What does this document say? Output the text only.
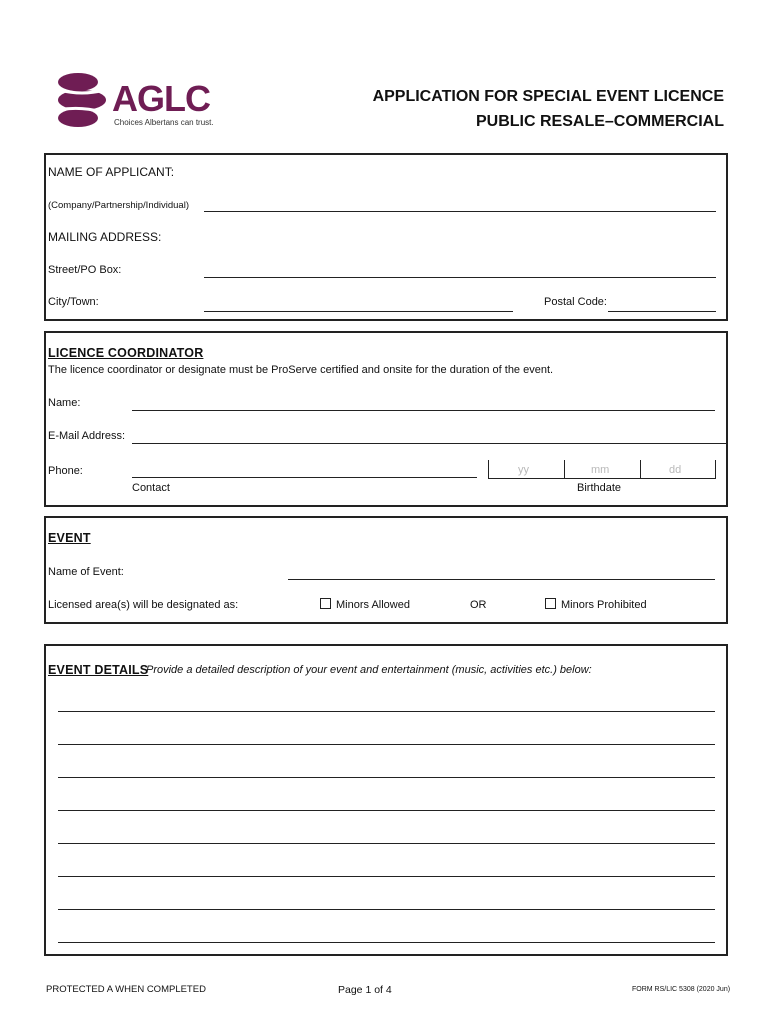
AGLC
Choices Albertans can trust.
APPLICATION FOR SPECIAL EVENT LICENCE
PUBLIC RESALE–COMMERCIAL
NAME OF APPLICANT:
(Company/Partnership/Individual)
MAILING ADDRESS:
Street/PO Box:
City/Town:	Postal Code:
LICENCE COORDINATOR
The licence coordinator or designate must be ProServe certified and onsite for the duration of the event.
Name:
E-Mail Address:
Phone:
Contact
yy	mm	dd
Birthdate
EVENT
Name of Event:
Licensed area(s) will be designated as:	Minors Allowed	OR	Minors Prohibited
EVENT DETAILS
Provide a detailed description of your event and entertainment (music, activities etc.) below:
PROTECTED A WHEN COMPLETED	Page 1 of 4	FORM RS/LIC 5308 (2020 Jun)
